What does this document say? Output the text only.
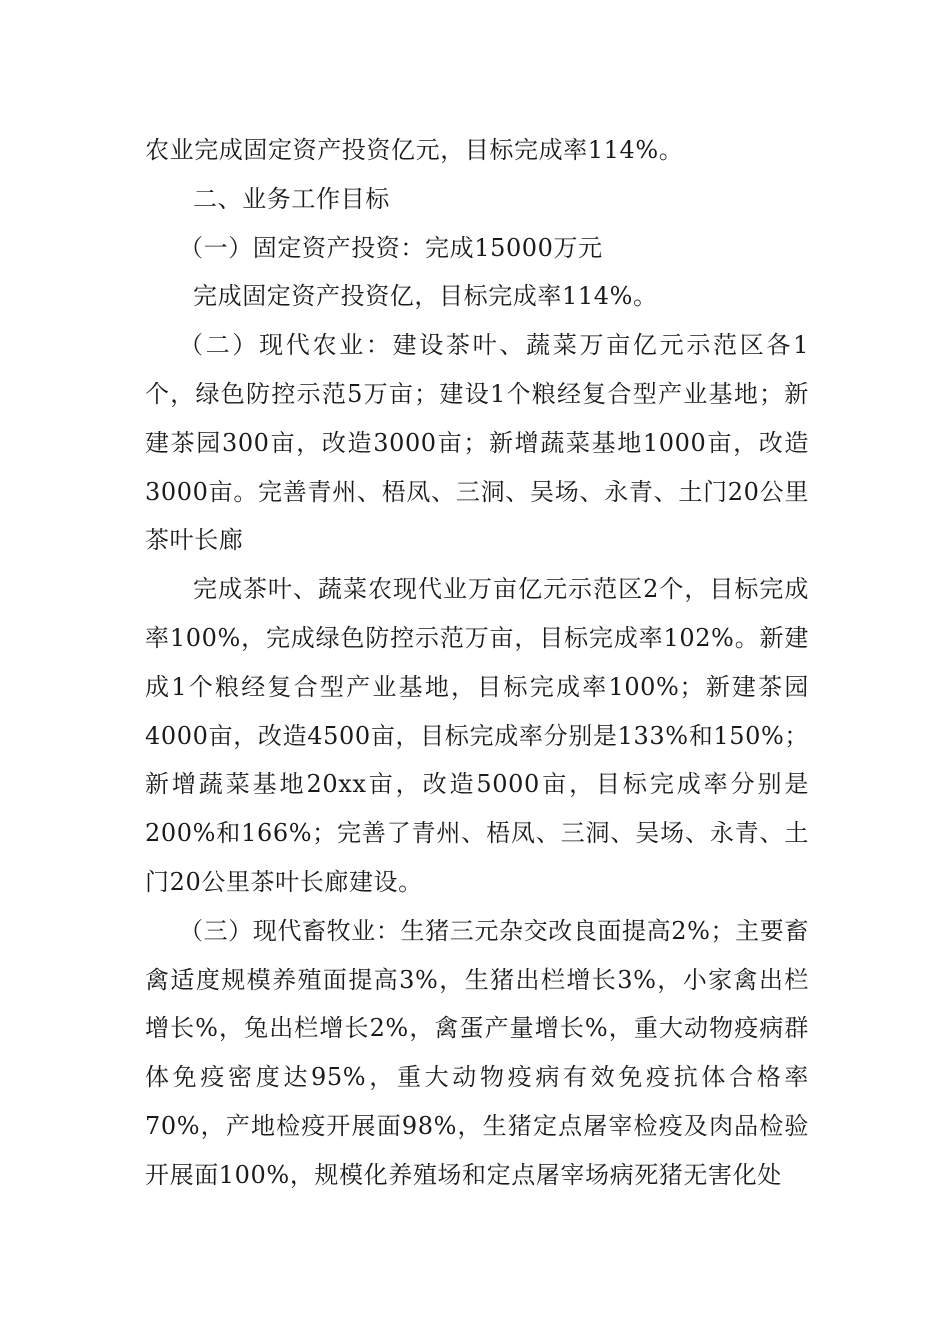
农业完成固定资产投资亿元，目标完成率114%。

二、业务工作目标

（一）固定资产投资：完成15000万元

完成固定资产投资亿，目标完成率114%。

（二）现代农业：建设茶叶、蔬菜万亩亿元示范区各1个，绿色防控示范5万亩；建设1个粮经复合型产业基地；新建茶园300亩，改造3000亩；新增蔬菜基地1000亩，改造3000亩。完善青州、梧凤、三洞、吴场、永青、土门20公里茶叶长廊

完成茶叶、蔬菜农现代业万亩亿元示范区2个，目标完成率100%，完成绿色防控示范万亩，目标完成率102%。新建成1个粮经复合型产业基地，目标完成率100%；新建茶园4000亩，改造4500亩，目标完成率分别是133%和150%；新增蔬菜基地20xx亩，改造5000亩，目标完成率分别是200%和166%；完善了青州、梧凤、三洞、吴场、永青、土门20公里茶叶长廊建设。

（三）现代畜牧业：生猪三元杂交改良面提高2%；主要畜禽适度规模养殖面提高3%，生猪出栏增长3%，小家禽出栏增长%，兔出栏增长2%，禽蛋产量增长%，重大动物疫病群体免疫密度达95%，重大动物疫病有效免疫抗体合格率70%，产地检疫开展面98%，生猪定点屠宰检疫及肉品检验开展面100%，规模化养殖场和定点屠宰场病死猪无害化处
